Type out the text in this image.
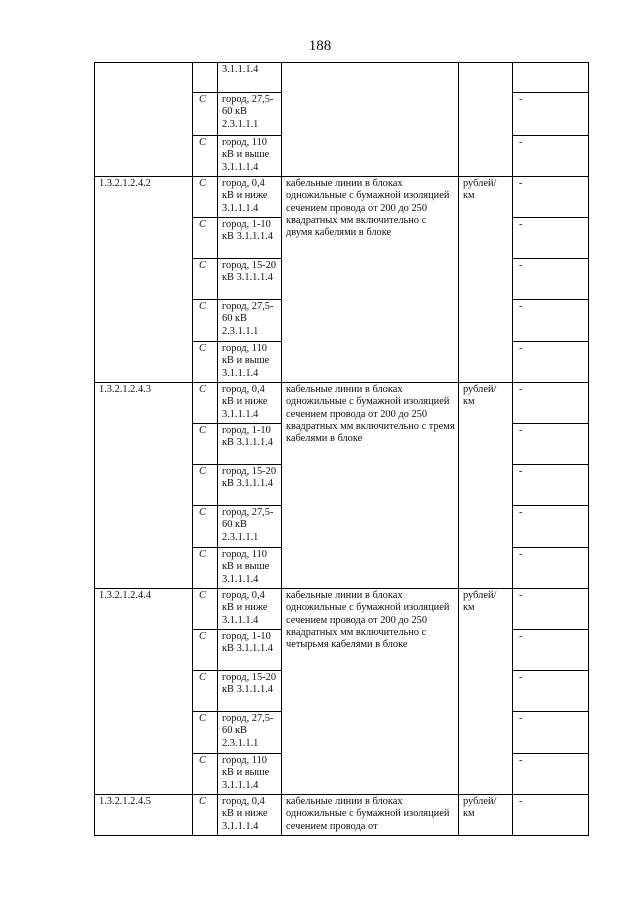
188
		3.1.1.1.4			
	C	город, 27,5-60 кВ 2.3.1.1.1			-
	C	город, 110 кВ и выше 3.1.1.1.4			-
1.3.2.1.2.4.2	C	город, 0,4 кВ и ниже 3.1.1.1.4	кабельные линии в блоках одножильные с бумажной изоляцией сечением провода от 200 до 250 квадратных мм включительно с двумя кабелями в блоке	рублей/ км	-
	C	город, 1-10 кВ 3.1.1.1.4			-
	C	город, 15-20 кВ 3.1.1.1.4			-
	C	город, 27,5-60 кВ 2.3.1.1.1			-
	C	город, 110 кВ и выше 3.1.1.1.4			-
1.3.2.1.2.4.3	C	город, 0,4 кВ и ниже 3.1.1.1.4	кабельные линии в блоках одножильные с бумажной изоляцией сечением провода от 200 до 250 квадратных мм включительно с тремя кабелями в блоке	рублей/ км	-
	C	город, 1-10 кВ 3.1.1.1.4			-
	C	город, 15-20 кВ 3.1.1.1.4			-
	C	город, 27,5-60 кВ 2.3.1.1.1			-
	C	город, 110 кВ и выше 3.1.1.1.4			-
1.3.2.1.2.4.4	C	город, 0,4 кВ и ниже 3.1.1.1.4	кабельные линии в блоках одножильные с бумажной изоляцией сечением провода от 200 до 250 квадратных мм включительно с четырьмя кабелями в блоке	рублей/ км	-
	C	город, 1-10 кВ 3.1.1.1.4			-
	C	город, 15-20 кВ 3.1.1.1.4			-
	C	город, 27,5-60 кВ 2.3.1.1.1			-
	C	город, 110 кВ и выше 3.1.1.1.4			-
1.3.2.1.2.4.5	C	город, 0,4 кВ и ниже 3.1.1.1.4	кабельные линии в блоках одножильные с бумажной изоляцией сечением провода от	рублей/ км	-
